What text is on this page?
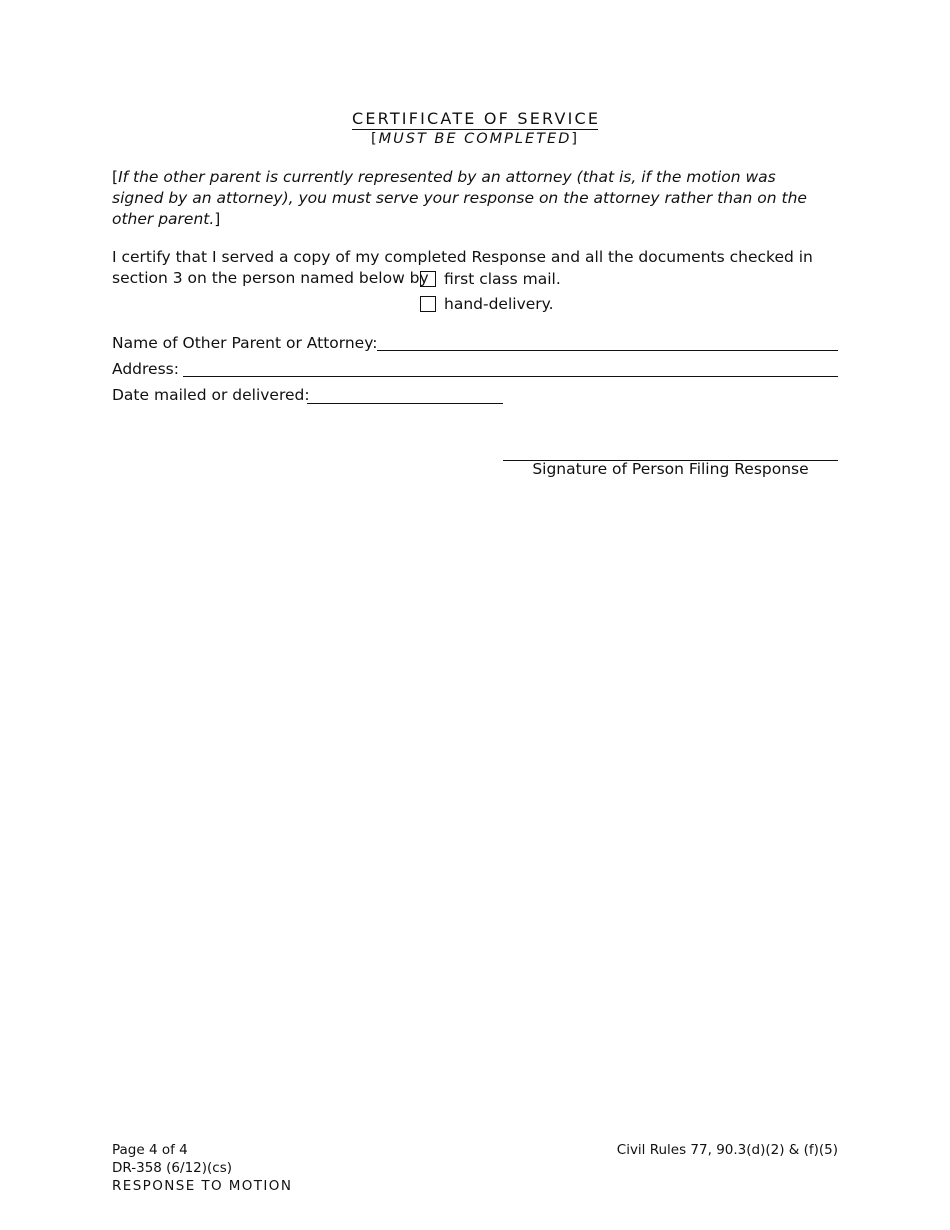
CERTIFICATE OF SERVICE
[MUST BE COMPLETED]
[If the other parent is currently represented by an attorney (that is, if the motion was signed by an attorney), you must serve your response on the attorney rather than on the other parent.]
I certify that I served a copy of my completed Response and all the documents checked in
section 3 on the person named below by first class mail.
hand-delivery.
Name of Other Parent or Attorney:
Address:
Date mailed or delivered:
Signature of Person Filing Response
Page 4 of 4
DR-358 (6/12)(cs)
RESPONSE TO MOTION
Civil Rules 77, 90.3(d)(2) & (f)(5)
